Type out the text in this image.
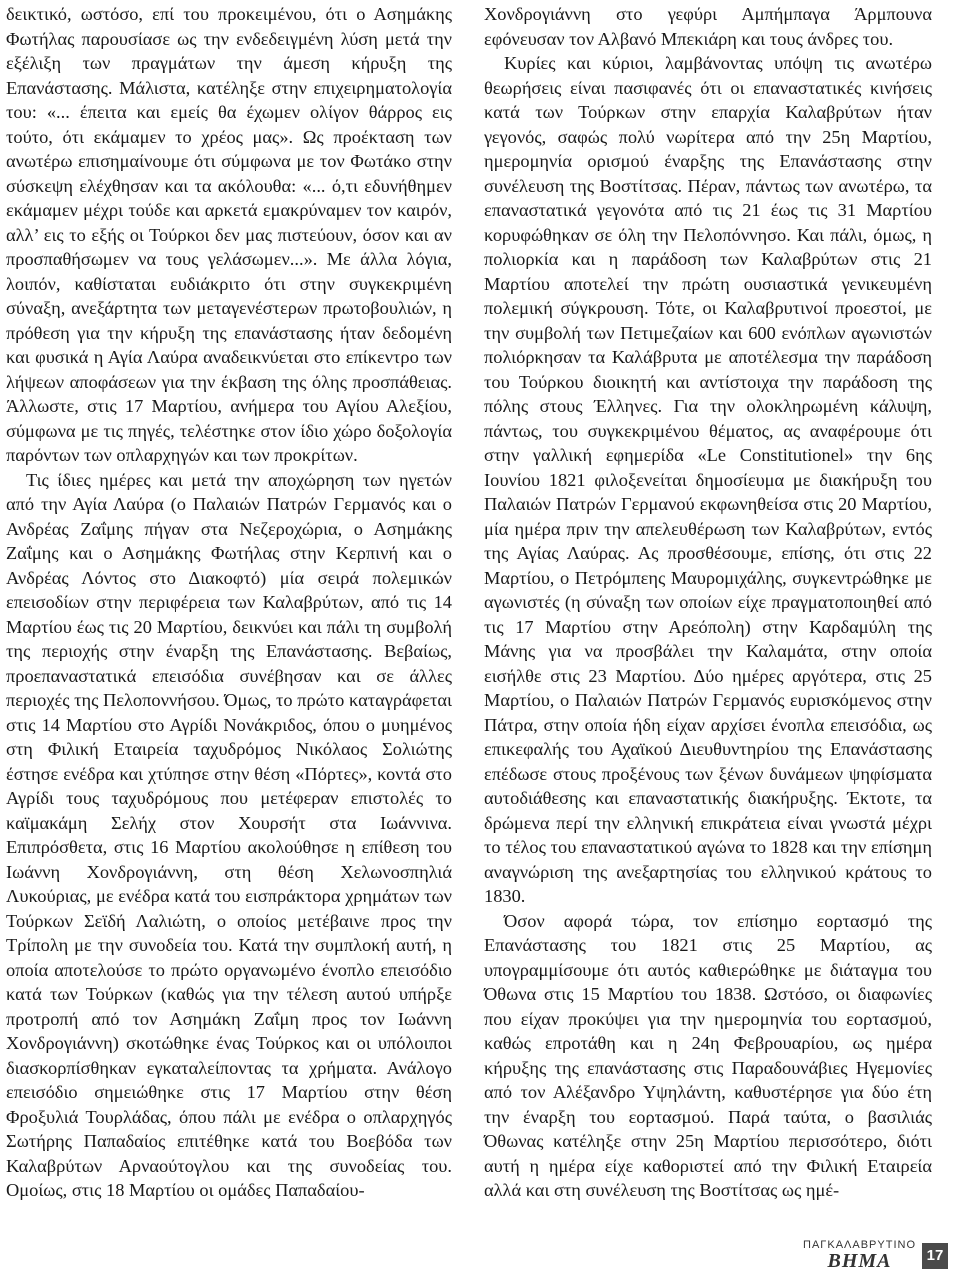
δεικτικό, ωστόσο, επί του προκειμένου, ότι ο Ασημάκης Φωτήλας παρουσίασε ως την ενδεδειγμένη λύση μετά την εξέλιξη των πραγμάτων την άμεση κήρυξη της Επανάστασης. Μάλιστα, κατέληξε στην επιχειρηματολογία του: «... έπειτα και εμείς θα έχωμεν ολίγον θάρρος εις τούτο, ότι εκάμαμεν το χρέος μας». Ως προέκταση των ανωτέρω επισημαίνουμε ότι σύμφωνα με τον Φωτάκο στην σύσκεψη ελέχθησαν και τα ακόλουθα: «... ό,τι εδυνήθημεν εκάμαμεν μέχρι τούδε και αρκετά εμακρύναμεν τον καιρόν, αλλ’ εις το εξής οι Τούρκοι δεν μας πιστεύουν, όσον και αν προσπαθήσωμεν να τους γελάσωμεν...». Με άλλα λόγια, λοιπόν, καθίσταται ευδιάκριτο ότι στην συγκεκριμένη σύναξη, ανεξάρτητα των μεταγενέστερων πρωτοβουλιών, η πρόθεση για την κήρυξη της επανάστασης ήταν δεδομένη και φυσικά η Αγία Λαύρα αναδεικνύεται στο επίκεντρο των λήψεων αποφάσεων για την έκβαση της όλης προσπάθειας. Άλλωστε, στις 17 Μαρτίου, ανήμερα του Αγίου Αλεξίου, σύμφωνα με τις πηγές, τελέστηκε στον ίδιο χώρο δοξολογία παρόντων των οπλαρχηγών και των προκρίτων.

Τις ίδιες ημέρες και μετά την αποχώρηση των ηγετών από την Αγία Λαύρα (ο Παλαιών Πατρών Γερμανός και ο Ανδρέας Ζαΐμης πήγαν στα Νεζεροχώρια, ο Ασημάκης Ζαΐμης και ο Ασημάκης Φωτήλας στην Κερπινή και ο Ανδρέας Λόντος στο Διακοφτό) μία σειρά πολεμικών επεισοδίων στην περιφέρεια των Καλαβρύτων, από τις 14 Μαρτίου έως τις 20 Μαρτίου, δεικνύει και πάλι τη συμβολή της περιοχής στην έναρξη της Επανάστασης. Βεβαίως, προεπαναστατικά επεισόδια συνέβησαν και σε άλλες περιοχές της Πελοποννήσου. Όμως, το πρώτο καταγράφεται στις 14 Μαρτίου στο Αγρίδι Νονάκριδος, όπου ο μυημένος στη Φιλική Εταιρεία ταχυδρόμος Νικόλαος Σολιώτης έστησε ενέδρα και χτύπησε στην θέση «Πόρτες», κοντά στο Αγρίδι τους ταχυδρόμους που μετέφεραν επιστολές το καϊμακάμη Σελήχ στον Χουρσήτ στα Ιωάννινα. Επιπρόσθετα, στις 16 Μαρτίου ακολούθησε η επίθεση του Ιωάννη Χονδρογιάννη, στη θέση Χελωνοσπηλιά Λυκούριας, με ενέδρα κατά του εισπράκτορα χρημάτων των Τούρκων Σεϊδή Λαλιώτη, ο οποίος μετέβαινε προς την Τρίπολη με την συνοδεία του. Κατά την συμπλοκή αυτή, η οποία αποτελούσε το πρώτο οργανωμένο ένοπλο επεισόδιο κατά των Τούρκων (καθώς για την τέλεση αυτού υπήρξε προτροπή από τον Ασημάκη Ζαΐμη προς τον Ιωάννη Χονδρογιάννη) σκοτώθηκε ένας Τούρκος και οι υπόλοιποι διασκορπίσθηκαν εγκαταλείποντας τα χρήματα. Ανάλογο επεισόδιο σημειώθηκε στις 17 Μαρτίου στην θέση Φροξυλιά Τουρλάδας, όπου πάλι με ενέδρα ο οπλαρχηγός Σωτήρης Παπαδαίος επιτέθηκε κατά του Βοεβόδα των Καλαβρύτων Αρναούτογλου και της συνοδείας του. Ομοίως, στις 18 Μαρτίου οι ομάδες Παπαδαίου-

Χονδρογιάννη στο γεφύρι Αμπήμπαγα Άρμπουνα εφόνευσαν τον Αλβανό Μπεκιάρη και τους άνδρες του.

Κυρίες και κύριοι, λαμβάνοντας υπόψη τις ανωτέρω θεωρήσεις είναι πασιφανές ότι οι επαναστατικές κινήσεις κατά των Τούρκων στην επαρχία Καλαβρύτων ήταν γεγονός, σαφώς πολύ νωρίτερα από την 25η Μαρτίου, ημερομηνία ορισμού έναρξης της Επανάστασης στην συνέλευση της Βοστίτσας. Πέραν, πάντως των ανωτέρω, τα επαναστατικά γεγονότα από τις 21 έως τις 31 Μαρτίου κορυφώθηκαν σε όλη την Πελοπόννησο. Και πάλι, όμως, η πολιορκία και η παράδοση των Καλαβρύτων στις 21 Μαρτίου αποτελεί την πρώτη ουσιαστικά γενικευμένη πολεμική σύγκρουση. Τότε, οι Καλαβρυτινοί προεστοί, με την συμβολή των Πετιμεζαίων και 600 ενόπλων αγωνιστών πολιόρκησαν τα Καλάβρυτα με αποτέλεσμα την παράδοση του Τούρκου διοικητή και αντίστοιχα την παράδοση της πόλης στους Έλληνες. Για την ολοκληρωμένη κάλυψη, πάντως, του συγκεκριμένου θέματος, ας αναφέρουμε ότι στην γαλλική εφημερίδα «Le Constitutionel» την 6ης Ιουνίου 1821 φιλοξενείται δημοσίευμα με διακήρυξη του Παλαιών Πατρών Γερμανού εκφωνηθείσα στις 20 Μαρτίου, μία ημέρα πριν την απελευθέρωση των Καλαβρύτων, εντός της Αγίας Λαύρας. Ας προσθέσουμε, επίσης, ότι στις 22 Μαρτίου, ο Πετρόμπεης Μαυρομιχάλης, συγκεντρώθηκε με αγωνιστές (η σύναξη των οποίων είχε πραγματοποιηθεί από τις 17 Μαρτίου στην Αρεόπολη) στην Καρδαμύλη της Μάνης για να προσβάλει την Καλαμάτα, στην οποία εισήλθε στις 23 Μαρτίου. Δύο ημέρες αργότερα, στις 25 Μαρτίου, ο Παλαιών Πατρών Γερμανός ευρισκόμενος στην Πάτρα, στην οποία ήδη είχαν αρχίσει ένοπλα επεισόδια, ως επικεφαλής του Αχαϊκού Διευθυντηρίου της Επανάστασης επέδωσε στους προξένους των ξένων δυνάμεων ψηφίσματα αυτοδιάθεσης και επαναστατικής διακήρυξης. Έκτοτε, τα δρώμενα περί την ελληνική επικράτεια είναι γνωστά μέχρι το τέλος του επαναστατικού αγώνα το 1828 και την επίσημη αναγνώριση της ανεξαρτησίας του ελληνικού κράτους το 1830.

Όσον αφορά τώρα, τον επίσημο εορτασμό της Επανάστασης του 1821 στις 25 Μαρτίου, ας υπογραμμίσουμε ότι αυτός καθιερώθηκε με διάταγμα του Όθωνα στις 15 Μαρτίου του 1838. Ωστόσο, οι διαφωνίες που είχαν προκύψει για την ημερομηνία του εορτασμού, καθώς επροτάθη και η 24η Φεβρουαρίου, ως ημέρα κήρυξης της επανάστασης στις Παραδουνάβιες Ηγεμονίες από τον Αλέξανδρο Υψηλάντη, καθυστέρησε για δύο έτη την έναρξη του εορτασμού. Παρά ταύτα, ο βασιλιάς Όθωνας κατέληξε στην 25η Μαρτίου περισσότερο, διότι αυτή η ημέρα είχε καθοριστεί από την Φιλική Εταιρεία αλλά και στη συνέλευση της Βοστίτσας ως ημέ-

ΠΑΓΚΑΛΑΒΡΥΤΙΝΟ
ΒΗΜΑ	17
